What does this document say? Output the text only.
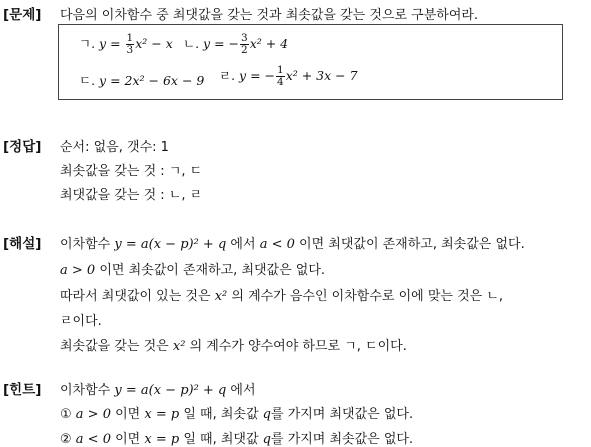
[문제] 다음의 이차함수 중 최댓값을 갖는 것과 최솟값을 갖는 것으로 구분하여라.
ㄱ. $y = \frac{1}{3} x^2 - x$ ㄴ. y = − $\frac{3}{2} x^2 + 4$
ㄷ. y = 2x² − 6x − 9 ㄹ. y = − $\frac{1}{4} x^2 + 3x - 7$
[정답] 순서: 없음, 갯수: 1
최솟값을 갖는 것 : ㄱ, ㄷ
최댓값을 갖는 것 : ㄴ, ㄹ
[해설] 이차함수 y = a(x − p)² + q 에서 a < 0 이면 최댓값이 존재하고, 최솟값은 없다.
a > 0 이면 최솟값이 존재하고, 최댓값은 없다.
따라서 최댓값이 있는 것은 x² 의 계수가 음수인 이차함수로 이에 맞는 것은 ㄴ,
ㄹ이다.
최솟값을 갖는 것은 x² 의 계수가 양수여야 하므로 ㄱ, ㄷ이다.
[힌트] 이차함수 y = a(x − p)² + q 에서
① a > 0 이면 x = p 일 때, 최솟값 q를 가지며 최댓값은 없다.
② a < 0 이면 x = p 일 때, 최댓값 q를 가지며 최솟값은 없다.
